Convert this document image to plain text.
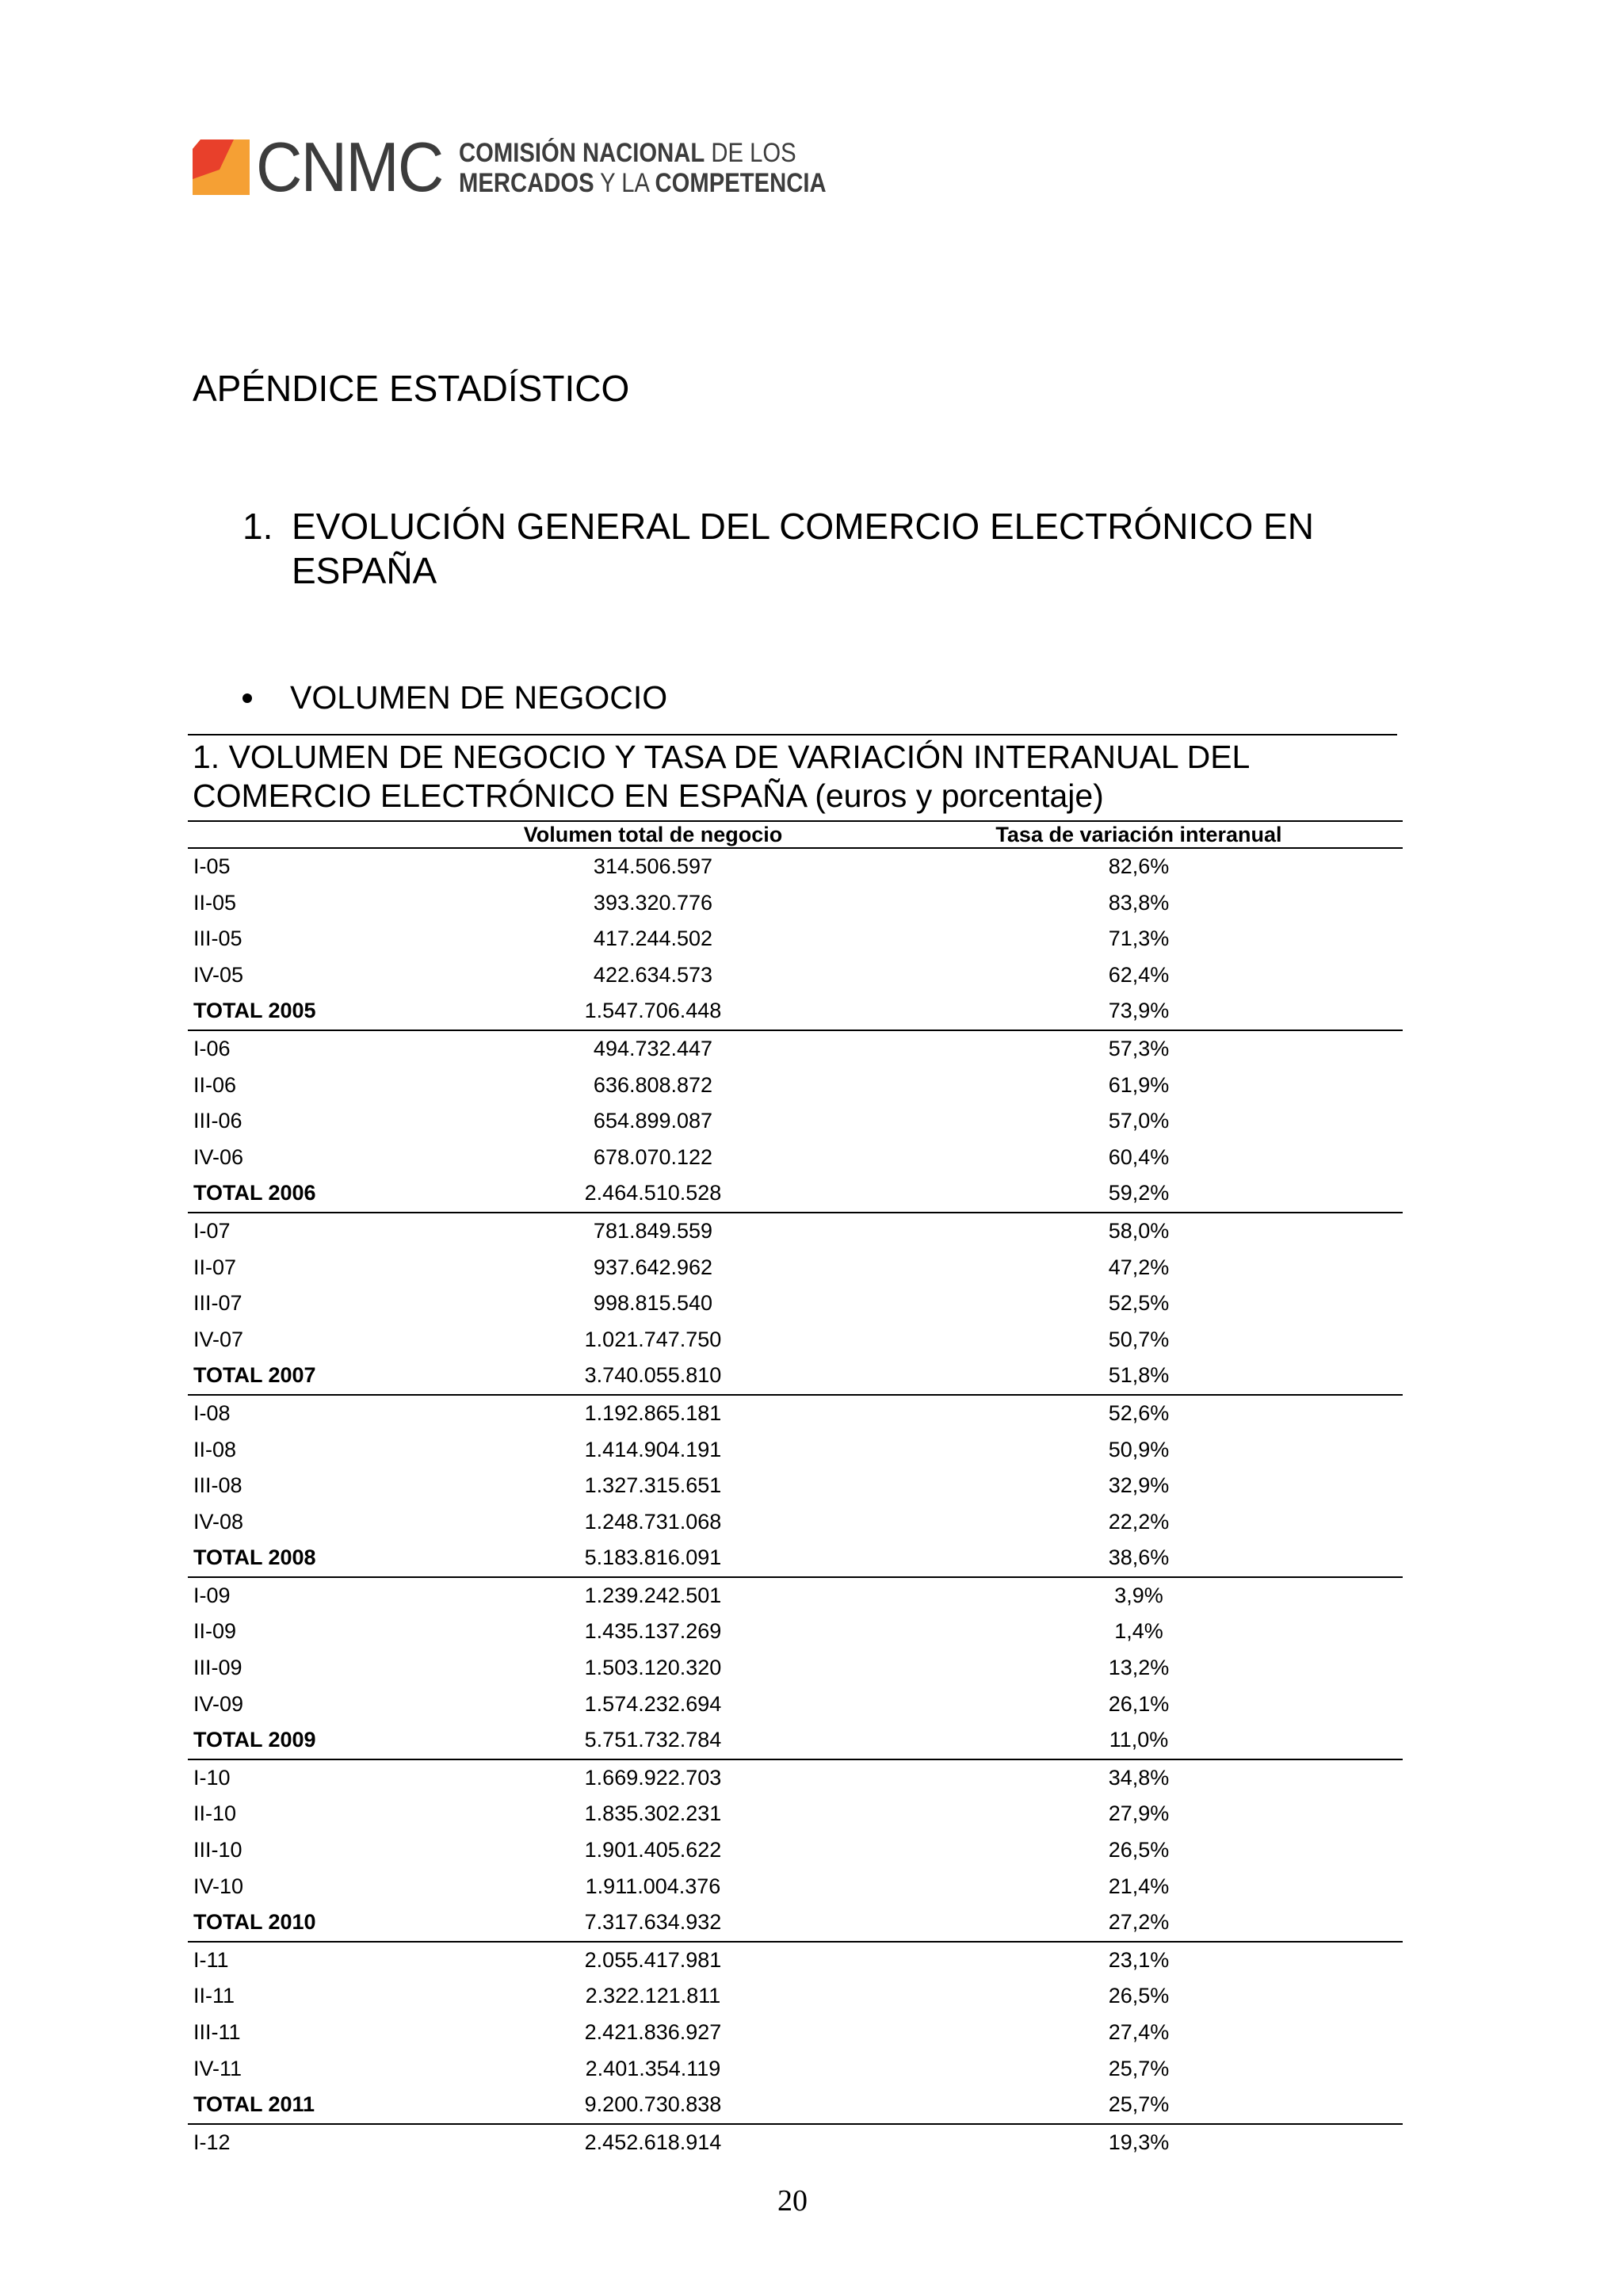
CNMC COMISIÓN NACIONAL DE LOS
MERCADOS Y LA COMPETENCIA
APÉNDICE ESTADÍSTICO
1. EVOLUCIÓN GENERAL DEL COMERCIO ELECTRÓNICO EN ESPAÑA
VOLUMEN DE NEGOCIO

1. VOLUMEN DE NEGOCIO Y TASA DE VARIACIÓN INTERANUAL DEL COMERCIO ELECTRÓNICO EN ESPAÑA (euros y porcentaje)

	Volumen total de negocio	Tasa de variación interanual
I-05	314.506.597	82,6%
II-05	393.320.776	83,8%
III-05	417.244.502	71,3%
IV-05	422.634.573	62,4%
TOTAL 2005	1.547.706.448	73,9%
I-06	494.732.447	57,3%
II-06	636.808.872	61,9%
III-06	654.899.087	57,0%
IV-06	678.070.122	60,4%
TOTAL 2006	2.464.510.528	59,2%
I-07	781.849.559	58,0%
II-07	937.642.962	47,2%
III-07	998.815.540	52,5%
IV-07	1.021.747.750	50,7%
TOTAL 2007	3.740.055.810	51,8%
I-08	1.192.865.181	52,6%
II-08	1.414.904.191	50,9%
III-08	1.327.315.651	32,9%
IV-08	1.248.731.068	22,2%
TOTAL 2008	5.183.816.091	38,6%
I-09	1.239.242.501	3,9%
II-09	1.435.137.269	1,4%
III-09	1.503.120.320	13,2%
IV-09	1.574.232.694	26,1%
TOTAL 2009	5.751.732.784	11,0%
I-10	1.669.922.703	34,8%
II-10	1.835.302.231	27,9%
III-10	1.901.405.622	26,5%
IV-10	1.911.004.376	21,4%
TOTAL 2010	7.317.634.932	27,2%
I-11	2.055.417.981	23,1%
II-11	2.322.121.811	26,5%
III-11	2.421.836.927	27,4%
IV-11	2.401.354.119	25,7%
TOTAL 2011	9.200.730.838	25,7%
I-12	2.452.618.914	19,3%
20
